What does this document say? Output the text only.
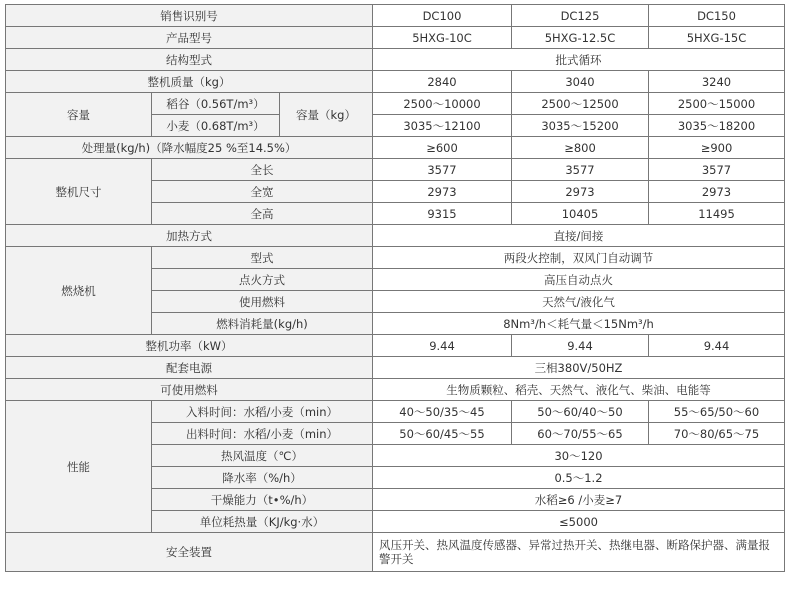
销售识别号			DC100	DC125	DC150
产品型号			5HXG-10C	5HXG-12.5C	5HXG-15C
结构型式			批式循环		
整机质量（kg）			2840	3040	3240
容量	稻谷（0.56T/m³）	容量（kg）	2500～10000	2500～12500	2500～15000
	小麦（0.68T/m³）		3035～12100	3035～15200	3035～18200
处理量(kg/h)（降水幅度25 %至14.5%）			≥600	≥800	≥900
整机尺寸	全长		3577	3577	3577
	全宽		2973	2973	2973
	全高		9315	10405	11495
加热方式			直接/间接		
燃烧机	型式		两段火控制，双风门自动调节		
	点火方式		高压自动点火		
	使用燃料		天然气/液化气		
	燃料消耗量(kg/h)		8Nm³/h＜耗气量＜15Nm³/h		
整机功率（kW）			9.44	9.44	9.44
配套电源			三相380V/50HZ		
可使用燃料			生物质颗粒、稻壳、天然气、液化气、柴油、电能等		
性能	入料时间：水稻/小麦（min）		40～50/35～45	50～60/40～50	55～65/50～60
	出料时间：水稻/小麦（min）		50～60/45～55	60～70/55～65	70～80/65～75
	热风温度（℃）		30～120		
	降水率（%/h）		0.5～1.2		
	干燥能力（t•%/h）		水稻≥6 /小麦≥7		
	单位耗热量（KJ/kg·水）		≤5000		
安全装置			风压开关、热风温度传感器、异常过热开关、热继电器、断路保护器、满量报警开关		
